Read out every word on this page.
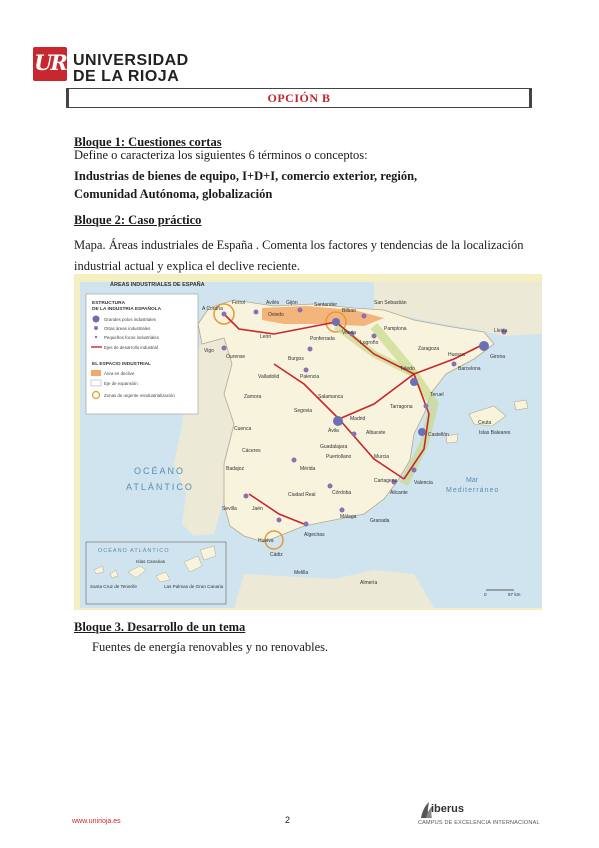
UR UNIVERSIDAD
DE LA RIOJA
OPCIÓN B
Bloque 1: Cuestiones cortas
Define o caracteriza los siguientes 6 términos o conceptos:
Industrias de bienes de equipo, I+D+I, comercio exterior, región,
Comunidad Autónoma, globalización
Bloque 2: Caso práctico
Mapa. Áreas industriales de España . Comenta los factores y tendencias de la localización
industrial actual y explica el declive reciente.
A Coruña
Ferrol	Avilés Gijón
Oviedo
Santander
Bilbao
San Sebastián
Vitoria
Pamplona
Logroño
Vigo
Ourense
León	Ponferrada
Burgos
Palencia
Valladolid
Zamora	Salamanca
Segovia
Ávila
Madrid
Guadalajara
Toledo
Zaragoza
Huesca
Lleida
Girona
Barcelona
Tarragona
Teruel
Castellón
Valencia
Alicante
Cartagena
Murcia
Albacete
Cuenca
Cáceres
Badajoz	Mérida
Puertollano
Ciudad Real	Córdoba
Jaén
Sevilla
Huelva
Cádiz
Algeciras
Málaga
Granada
Almería
Melilla
Ceuta
ÁREAS INDUSTRIALES DE ESPAÑA
ESTRUCTURA
DE LA INDUSTRIA ESPAÑOLA
Grandes polos industriales
Otras áreas industriales
Pequeños focos industriales
Ejes de desarrollo industrial
EL ESPACIO INDUSTRIAL
Área en declive
Eje de expansión
Zonas de urgente reindustrialización
OCÉANO
ATLÁNTICO
Mar
Mediterráneo
Islas Baleares
OCÉANO ATLÁNTICO
Islas Canarias
Santa Cruz de Tenerife	Las Palmas de Gran Canaria
0	97 km
Bloque 3. Desarrollo de un tema
Fuentes de energía renovables y no renovables.
www.unirioja.es	2
iberus
CAMPUS DE EXCELENCIA INTERNACIONAL
